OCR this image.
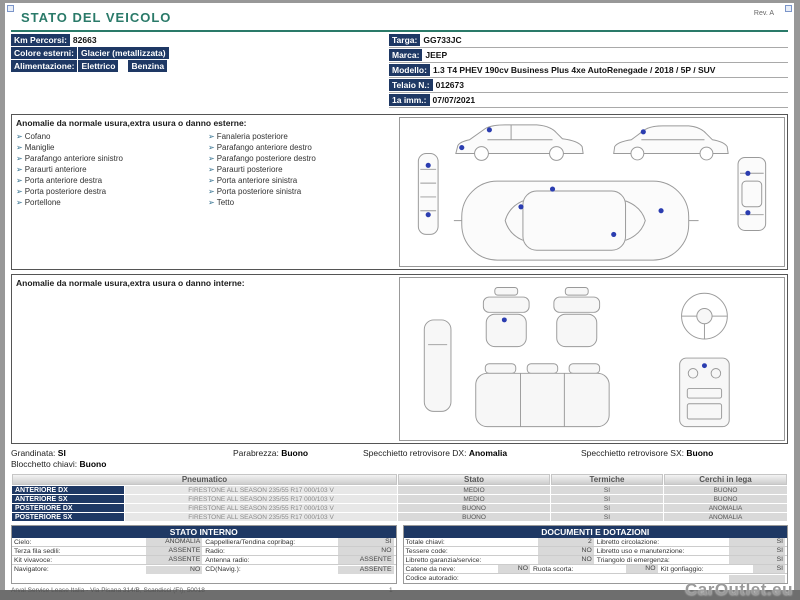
STATO DEL VEICOLO	Rev. A
Km Percorsi: 82663
Colore esterni: Glacier (metallizzata)
Alimentazione: Elettrico Benzina
Targa: GG733JC
Marca: JEEP
Modello: 1.3 T4 PHEV 190cv Business Plus 4xe AutoRenegade / 2018 / 5P / SUV
Telaio N.: 012673
1a imm.: 07/07/2021
Anomalie da normale usura,extra usura o danno esterne:
➢ Cofano
➢ Maniglie
➢ Parafango anteriore sinistro
➢ Paraurti anteriore
➢ Porta anteriore destra
➢ Porta posteriore destra
➢ Portellone
➢ Fanaleria posteriore
➢ Parafango anteriore destro
➢ Parafango posteriore destro
➢ Paraurti posteriore
➢ Porta anteriore sinistra
➢ Porta posteriore sinistra
➢ Tetto
Anomalie da normale usura,extra usura o danno interne:
Grandinata: SI	Parabrezza: Buono	Specchietto retrovisore DX: Anomalia	Specchietto retrovisore SX: Buono
Blocchetto chiavi: Buono
Pneumatico		Stato	Termiche	Cerchi in lega
ANTERIORE DX	FIRESTONE ALL SEASON 235/55 R17 000/103 V	MEDIO	SI	BUONO
ANTERIORE SX	FIRESTONE ALL SEASON 235/55 R17 000/103 V	MEDIO	SI	BUONO
POSTERIORE DX	FIRESTONE ALL SEASON 235/55 R17 000/103 V	BUONO	SI	ANOMALIA
POSTERIORE SX	FIRESTONE ALL SEASON 235/55 R17 000/103 V	BUONO	SI	ANOMALIA
STATO INTERNO
Cielo:	ANOMALIA Cappelliera/Tendina copribag:	SI
Terza fila sedili:	ASSENTE Radio:	NO
Kit vivavoce:	ASSENTE Antenna radio:	ASSENTE
Navigatore:	NO CD(Navig.):	ASSENTE
DOCUMENTI E DOTAZIONI
Totale chiavi:	2 Libretto circolazione:	SI
Tessere code:	NO Libretto uso e manutenzione:	SI
Libretto garanzia/service:	NO Triangolo di emergenza:	SI
Catene da neve:	NO Ruota scorta:	NO Kit gonfiaggio:	SI
Codice autoradio:
Arval Service Lease Italia - Via Pisana 314/B, Scandicci (FI), 50018	1	CarOutlet.eu
